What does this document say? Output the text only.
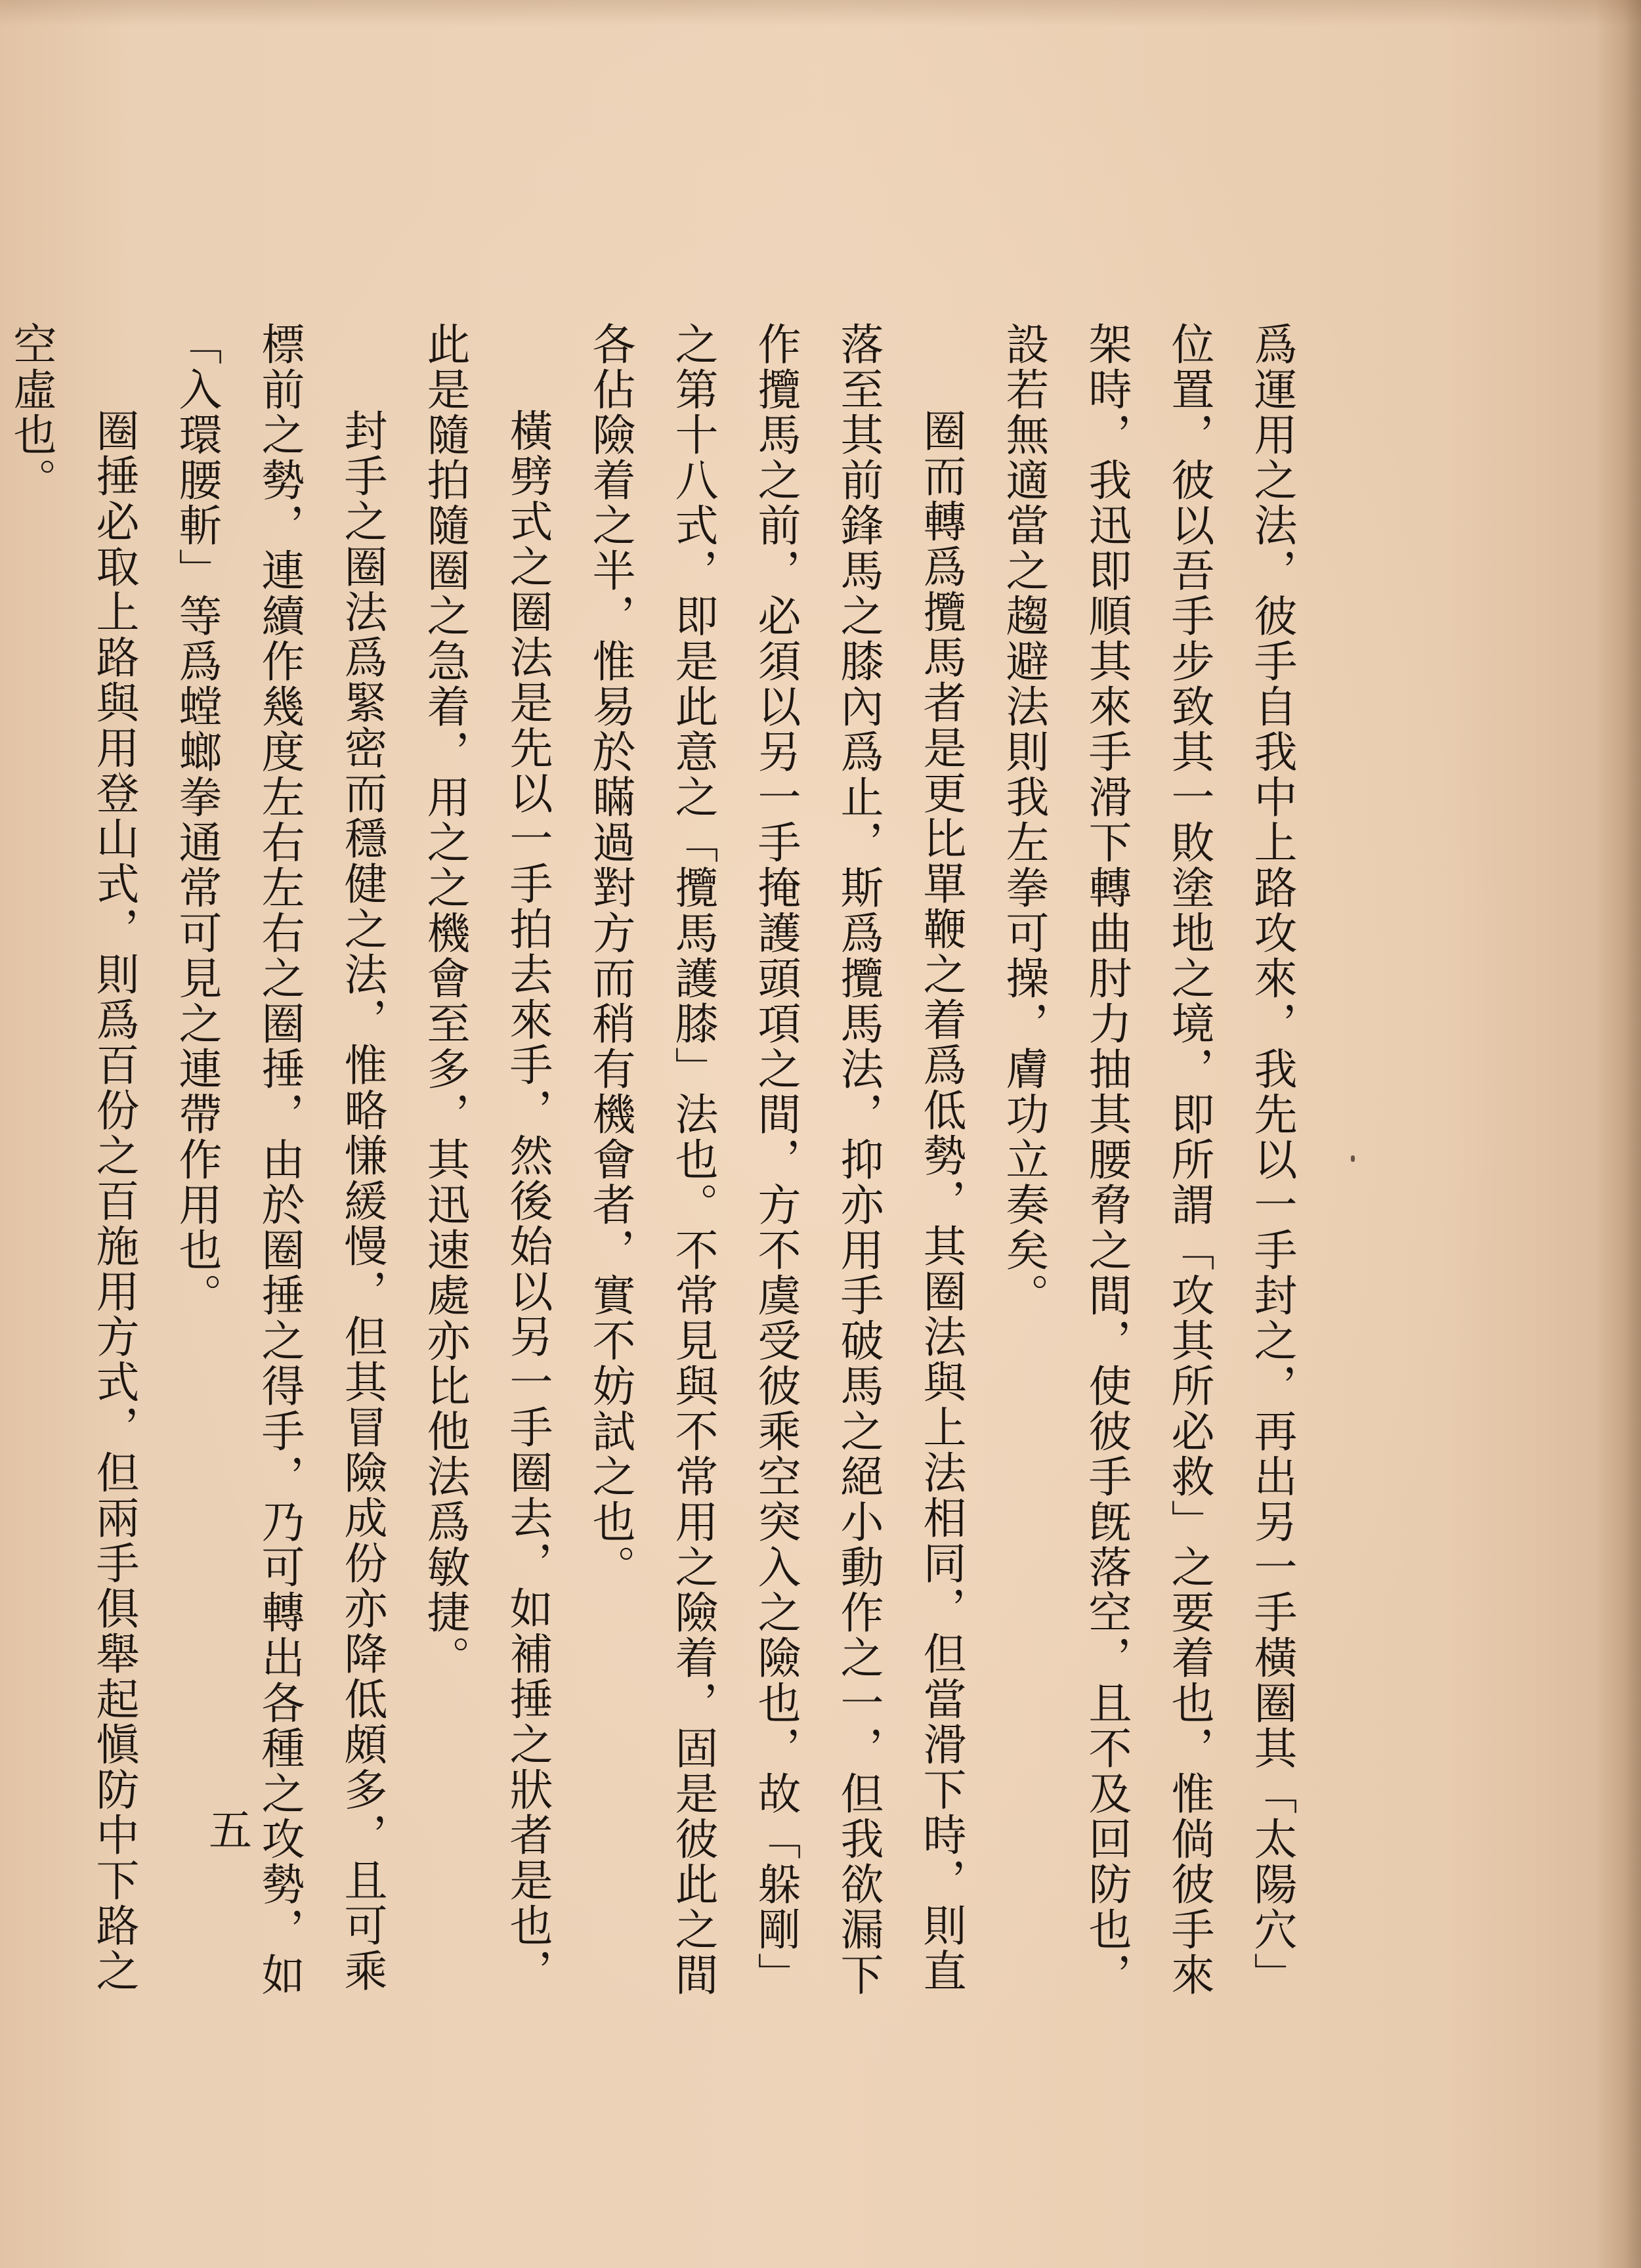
爲運用之法，彼手自我中上路攻來，我先以一手封之，再出另一手橫圈其「太陽穴」位置，彼以吾手步致其一敗塗地之境，即所謂「攻其所必救」之要着也，惟倘彼手來架時，我迅即順其來手滑下轉曲肘力抽其腰脅之間，使彼手旣落空，且不及回防也，設若無適當之趨避法則我左拳可操，膚功立奏矣。

圈而轉爲攬馬者是更比單鞭之着爲低勢，其圈法與上法相同，但當滑下時，則直落至其前鋒馬之膝內爲止，斯爲攬馬法，抑亦用手破馬之絕小動作之一，但我欲漏下作攬馬之前，必須以另一手掩護頭項之間，方不虞受彼乘空突入之險也，故「躲剛」之第十八式，即是此意之「攬馬護膝」法也。不常見與不常用之險着，固是彼此之間各佔險着之半，惟易於瞞過對方而稍有機會者，實不妨試之也。

橫劈式之圈法是先以一手拍去來手，然後始以另一手圈去，如補捶之狀者是也，此是隨拍隨圈之急着，用之之機會至多，其迅速處亦比他法爲敏捷。

封手之圈法爲緊密而穩健之法，惟略慊緩慢，但其冒險成份亦降低頗多，且可乘標前之勢，連續作幾度左右左右之圈捶，由於圈捶之得手，乃可轉出各種之攻勢，如「入環腰斬」等爲螳螂拳通常可見之連帶作用也。

圈捶必取上路與用登山式，則爲百份之百施用方式，但兩手俱舉起愼防中下路之空虛也。

五
